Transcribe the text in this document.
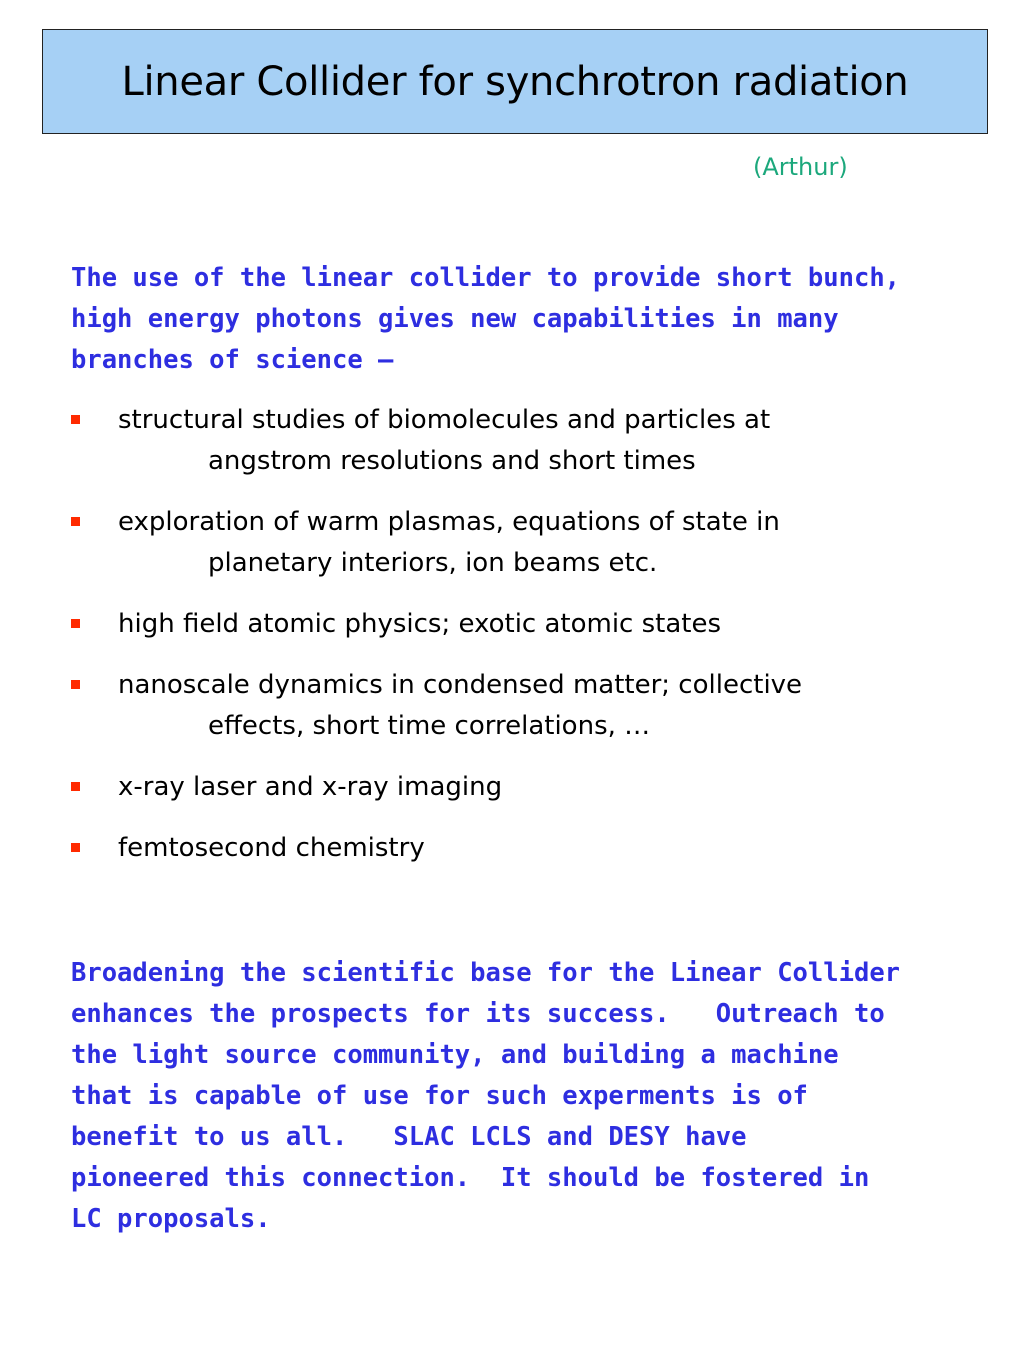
Linear Collider for synchrotron radiation
(Arthur)
The use of the linear collider to provide short bunch,
high energy photons gives new capabilities in many
branches of science –
structural studies of biomolecules and particles at
angstrom resolutions and short times
exploration of warm plasmas, equations of state in
planetary interiors, ion beams etc.
high field atomic physics; exotic atomic states
nanoscale dynamics in condensed matter; collective
effects, short time correlations, …
x-ray laser and x-ray imaging
femtosecond chemistry
Broadening the scientific base for the Linear Collider
enhances the prospects for its success.   Outreach to
the light source community, and building a machine
that is capable of use for such experments is of
benefit to us all.   SLAC LCLS and DESY have
pioneered this connection.  It should be fostered in
LC proposals.
